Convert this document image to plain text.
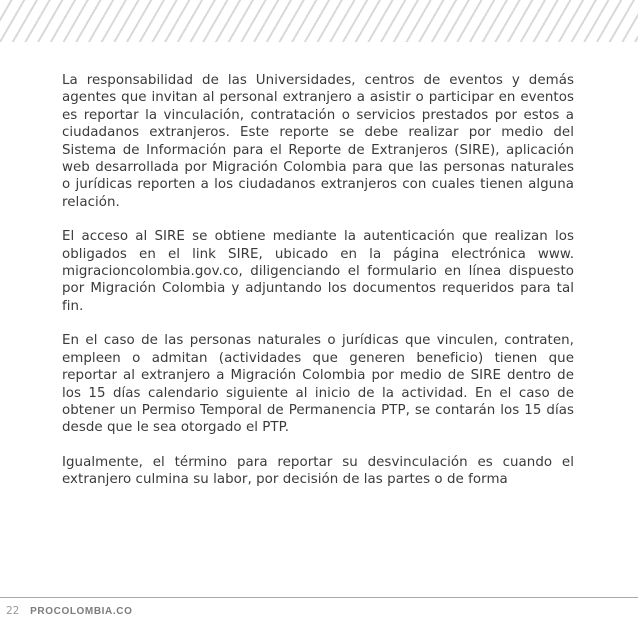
La responsabilidad de las Universidades, centros de eventos y demás agentes que invitan al personal extranjero a asistir o participar en eventos es reportar la vinculación, contratación o servicios prestados por estos a ciudadanos extranjeros. Este reporte se debe realizar por medio del Sistema de Información para el Reporte de Extranjeros (SIRE), aplicación web desarrollada por Migración Colombia para que las personas naturales o jurídicas reporten a los ciudadanos extranjeros con cuales tienen alguna relación.

El acceso al SIRE se obtiene mediante la autenticación que realizan los obligados en el link SIRE, ubicado en la página electrónica www. migracioncolombia.gov.co, diligenciando el formulario en línea dispuesto por Migración Colombia y adjuntando los documentos requeridos para tal fin.

En el caso de las personas naturales o jurídicas que vinculen, contraten, empleen o admitan (actividades que generen beneficio) tienen que reportar al extranjero a Migración Colombia por medio de SIRE dentro de los 15 días calendario siguiente al inicio de la actividad. En el caso de obtener un Permiso Temporal de Permanencia PTP, se contarán los 15 días desde que le sea otorgado el PTP.

Igualmente, el término para reportar su desvinculación es cuando el extranjero culmina su labor, por decisión de las partes o de forma

22 PROCOLOMBIA.CO
